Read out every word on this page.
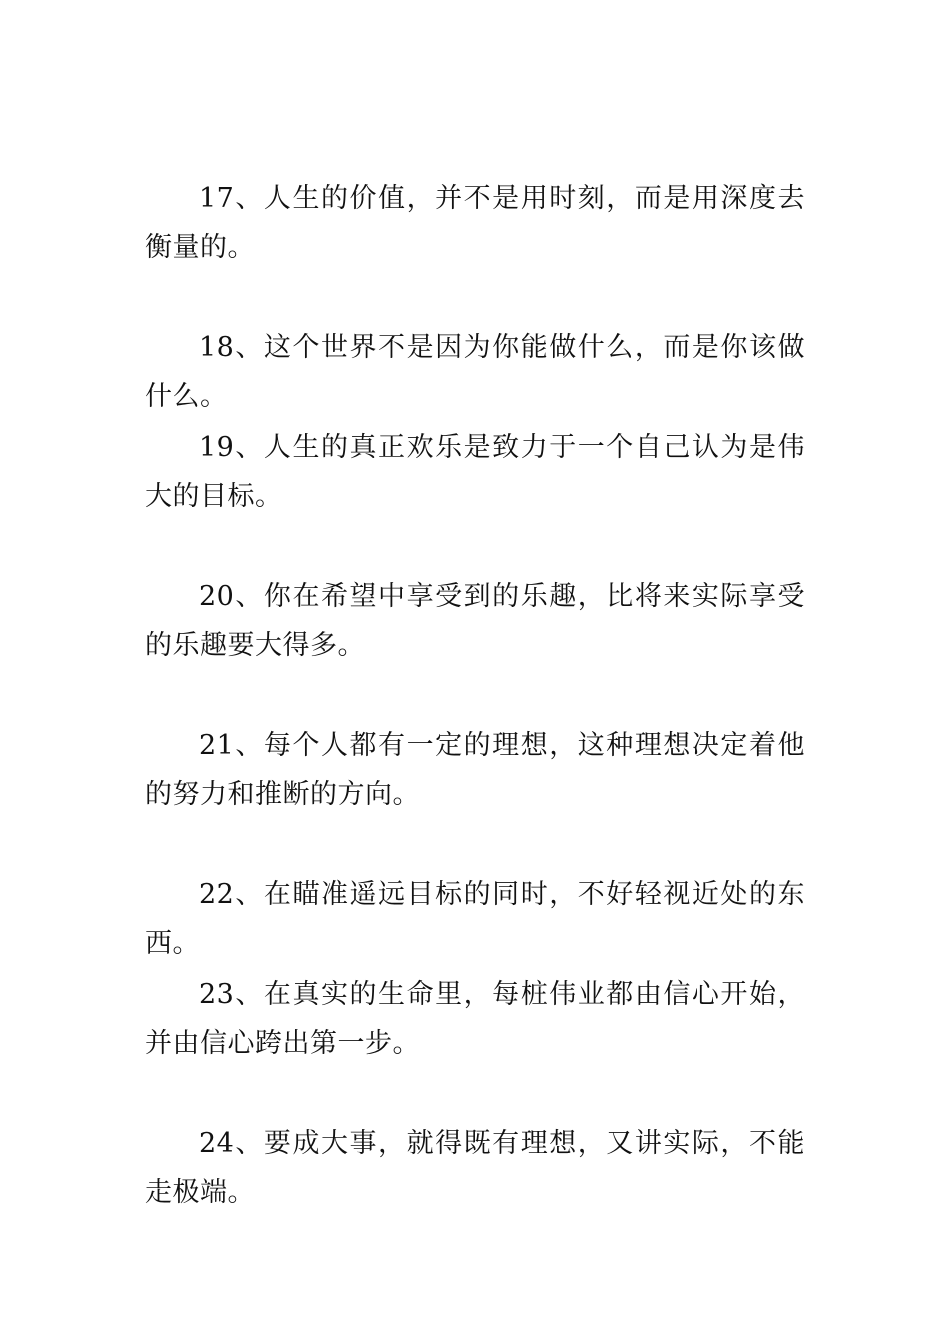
17、人生的价值，并不是用时刻，而是用深度去衡量的。

18、这个世界不是因为你能做什么，而是你该做什么。

19、人生的真正欢乐是致力于一个自己认为是伟大的目标。

20、你在希望中享受到的乐趣，比将来实际享受的乐趣要大得多。

21、每个人都有一定的理想，这种理想决定着他的努力和推断的方向。

22、在瞄准遥远目标的同时，不好轻视近处的东西。

23、在真实的生命里，每桩伟业都由信心开始，并由信心跨出第一步。

24、要成大事，就得既有理想，又讲实际，不能走极端。
